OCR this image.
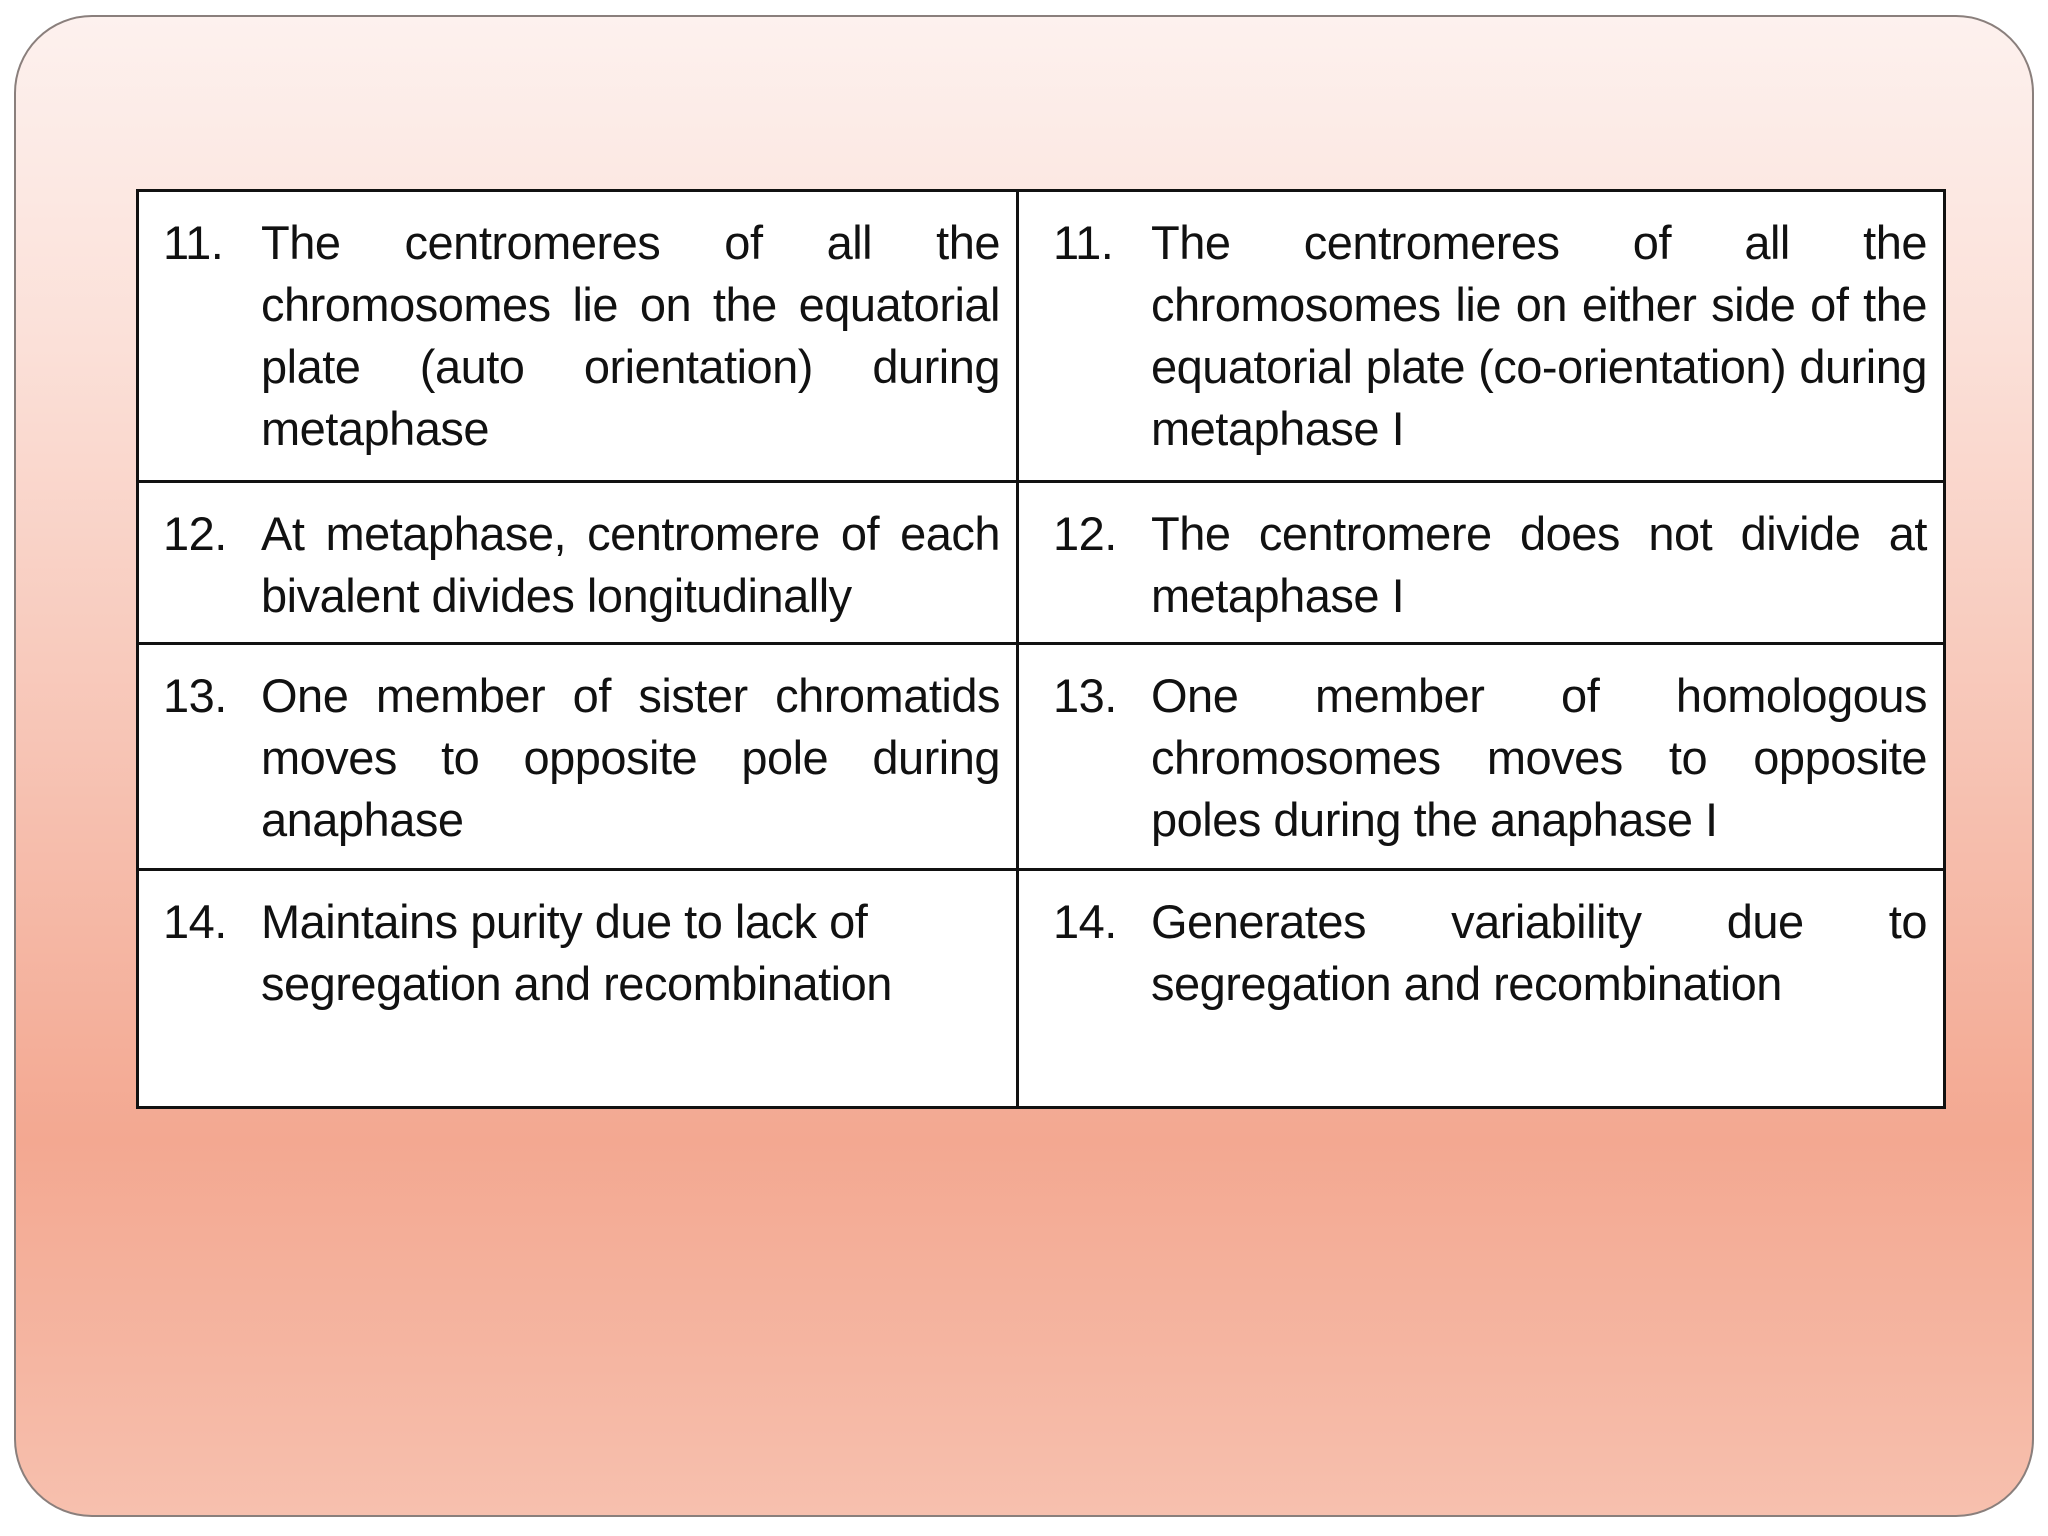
11. The centromeres of all the chromosomes lie on the equatorial plate (auto orientation) during metaphase
11. The centromeres of all the chromosomes lie on either side of the equatorial plate (co-orientation) during metaphase I
12. At metaphase, centromere of each bivalent divides longitudinally
12. The centromere does not divide at metaphase I
13. One member of sister chromatids moves to opposite pole during anaphase
13. One member of homologous chromosomes moves to opposite poles during the anaphase I
14. Maintains purity due to lack of segregation and recombination
14. Generates variability due to segregation and recombination
